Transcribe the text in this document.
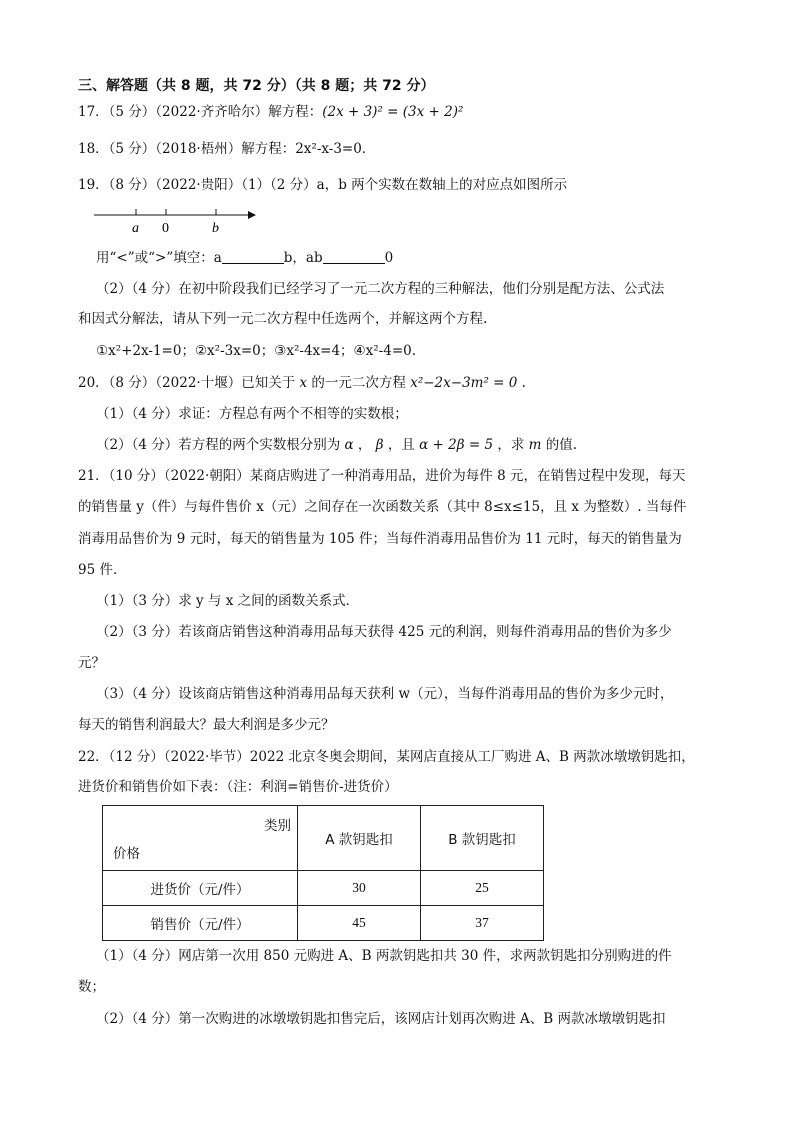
三、解答题（共 8 题，共 72 分）（共 8 题；共 72 分）
17．（5 分）（2022·齐齐哈尔）解方程：(2x + 3)² = (3x + 2)²
18．（5 分）（2018·梧州）解方程：2x²-x-3=0．
19．（8 分）（2022·贵阳）（1）（2 分）a，b 两个实数在数轴上的对应点如图所示
a 0	b
用“<”或“>”填空：a	b，ab	0
（2）（4 分）在初中阶段我们已经学习了一元二次方程的三种解法，他们分别是配方法、公式法
和因式分解法，请从下列一元二次方程中任选两个，并解这两个方程.
①x²+2x-1=0；②x²-3x=0；③x²-4x=4；④x²-4=0.
20．（8 分）（2022·十堰）已知关于 x 的一元二次方程 x²−2x−3m² = 0 .
（1）（4 分）求证：方程总有两个不相等的实数根；
（2）（4 分）若方程的两个实数根分别为 α ， β ，且 α + 2β = 5 ，求 m 的值.
21．（10 分）（2022·朝阳）某商店购进了一种消毒用品，进价为每件 8 元，在销售过程中发现，每天
的销售量 y（件）与每件售价 x（元）之间存在一次函数关系（其中 8≤x≤15，且 x 为整数）. 当每件
消毒用品售价为 9 元时，每天的销售量为 105 件；当每件消毒用品售价为 11 元时，每天的销售量为
95 件．
（1）（3 分）求 y 与 x 之间的函数关系式．
（2）（3 分）若该商店销售这种消毒用品每天获得 425 元的利润，则每件消毒用品的售价为多少
元？
（3）（4 分）设该商店销售这种消毒用品每天获利 w（元），当每件消毒用品的售价为多少元时，
每天的销售利润最大？最大利润是多少元？
22．（12 分）（2022·毕节）2022 北京冬奥会期间，某网店直接从工厂购进 A、B 两款冰墩墩钥匙扣，
进货价和销售价如下表：（注：利润=销售价-进货价）
类别
价格	A 款钥匙扣	B 款钥匙扣
进货价（元/件）	30	25
销售价（元/件）	45	37
（1）（4 分）网店第一次用 850 元购进 A、B 两款钥匙扣共 30 件，求两款钥匙扣分别购进的件
数；
（2）（4 分）第一次购进的冰墩墩钥匙扣售完后，该网店计划再次购进 A、B 两款冰墩墩钥匙扣
